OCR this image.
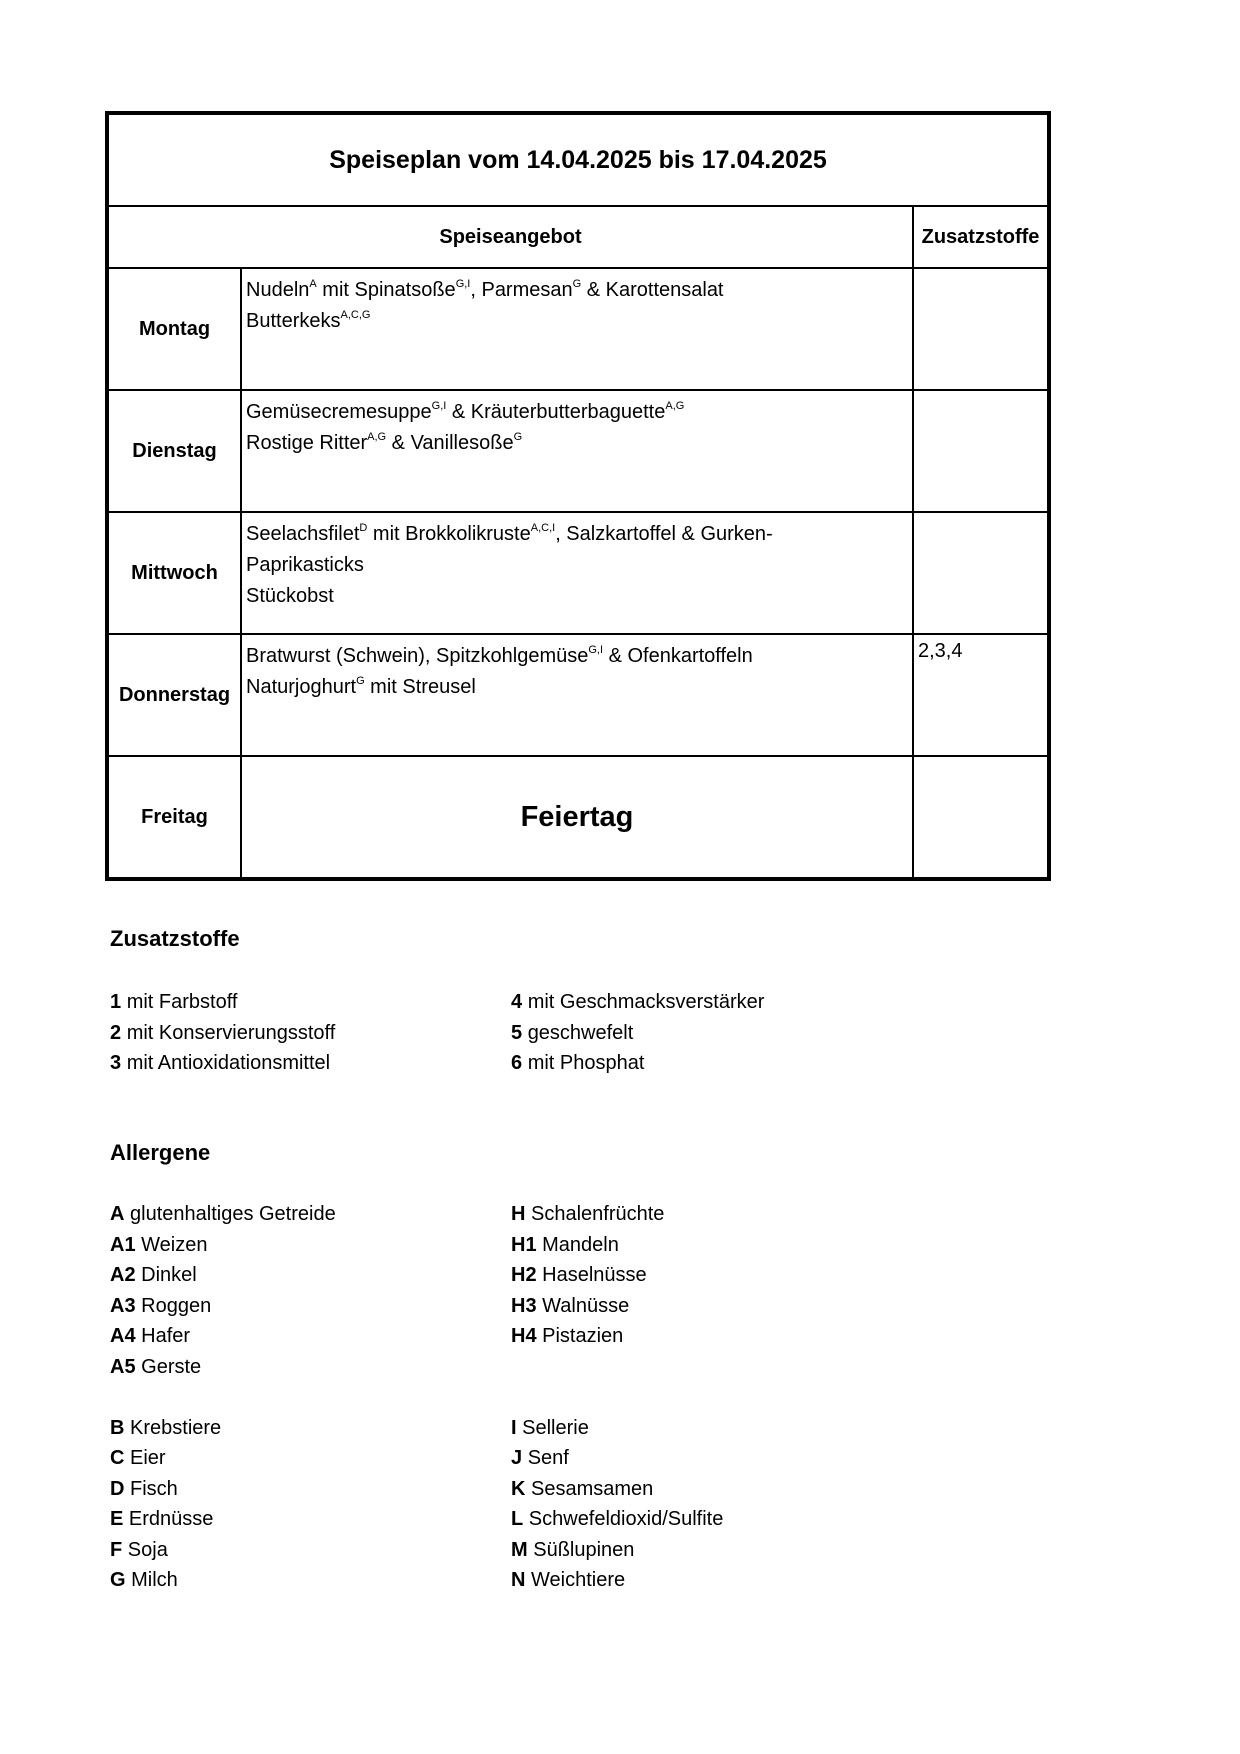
Speiseplan vom 14.04.2025 bis 17.04.2025		
Speiseangebot		Zusatzstoffe
Montag	Nudeln$^A$ mit Spinatsoße$^{G,I}$, Parmesan$^G$ & Karottensalat
Butterkeks$^{A,C,G}$

Dienstag	Gemüsecremesuppe$^{G,I}$ & Kräuterbutterbaguette$^{A,G}$
Rostige Ritter$^{A,G}$ & Vanillesoße$^G$

Mittwoch	Seelachsfilet$^D$ mit Brokkolikruste$^{A,C,I}$, Salzkartoffel & Gurken-
Paprikasticks
Stückobst	

Donnerstag	Bratwurst (Schwein), Spitzkohlgemüse$^{G,I}$ & Ofenkartoffeln
Naturjoghurt$^G$ mit Streusel	2,3,4
Freitag	Feiertag	
Zusatzstoffe
1 mit Farbstoff
2 mit Konservierungsstoff
3 mit Antioxidationsmittel
4 mit Geschmacksverstärker
5 geschwefelt
6 mit Phosphat
Allergene
A glutenhaltiges Getreide
A1 Weizen
A2 Dinkel
A3 Roggen
A4 Hafer
A5 Gerste
B Krebstiere
C Eier
D Fisch
E Erdnüsse
F Soja
G Milch
H Schalenfrüchte
H1 Mandeln
H2 Haselnüsse
H3 Walnüsse
H4 Pistazien
I Sellerie
J Senf
K Sesamsamen
L Schwefeldioxid/Sulfite
M Süßlupinen
N Weichtiere
